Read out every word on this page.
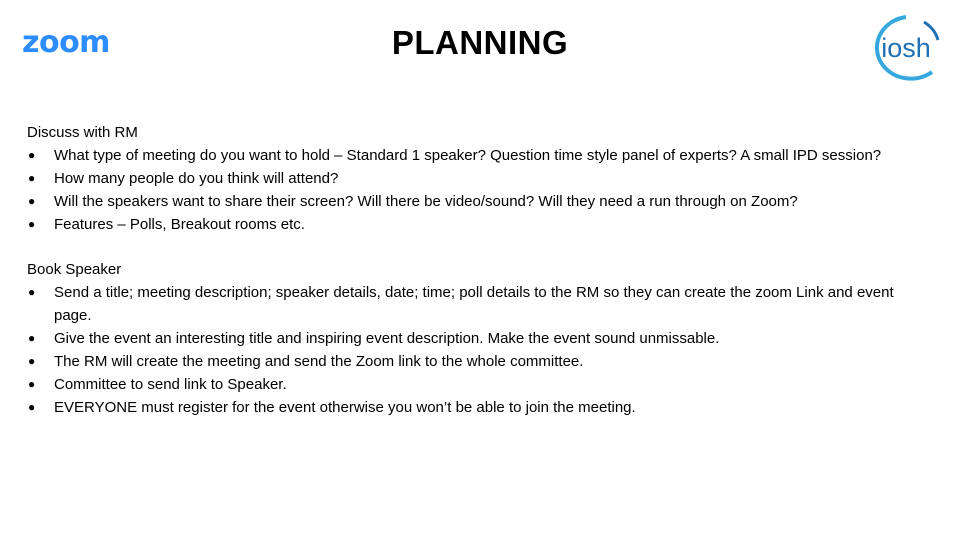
zoom	PLANNING	iosh
Discuss with RM
● What type of meeting do you want to hold – Standard 1 speaker? Question time style panel of experts? A small IPD session?
● How many people do you think will attend?
● Will the speakers want to share their screen? Will there be video/sound? Will they need a run through on Zoom?
● Features – Polls, Breakout rooms etc.
Book Speaker
● Send a title; meeting description; speaker details, date; time; poll details to the RM so they can create the zoom Link and event page.
● Give the event an interesting title and inspiring event description. Make the event sound unmissable.
● The RM will create the meeting and send the Zoom link to the whole committee.
● Committee to send link to Speaker.
● EVERYONE must register for the event otherwise you won’t be able to join the meeting.
